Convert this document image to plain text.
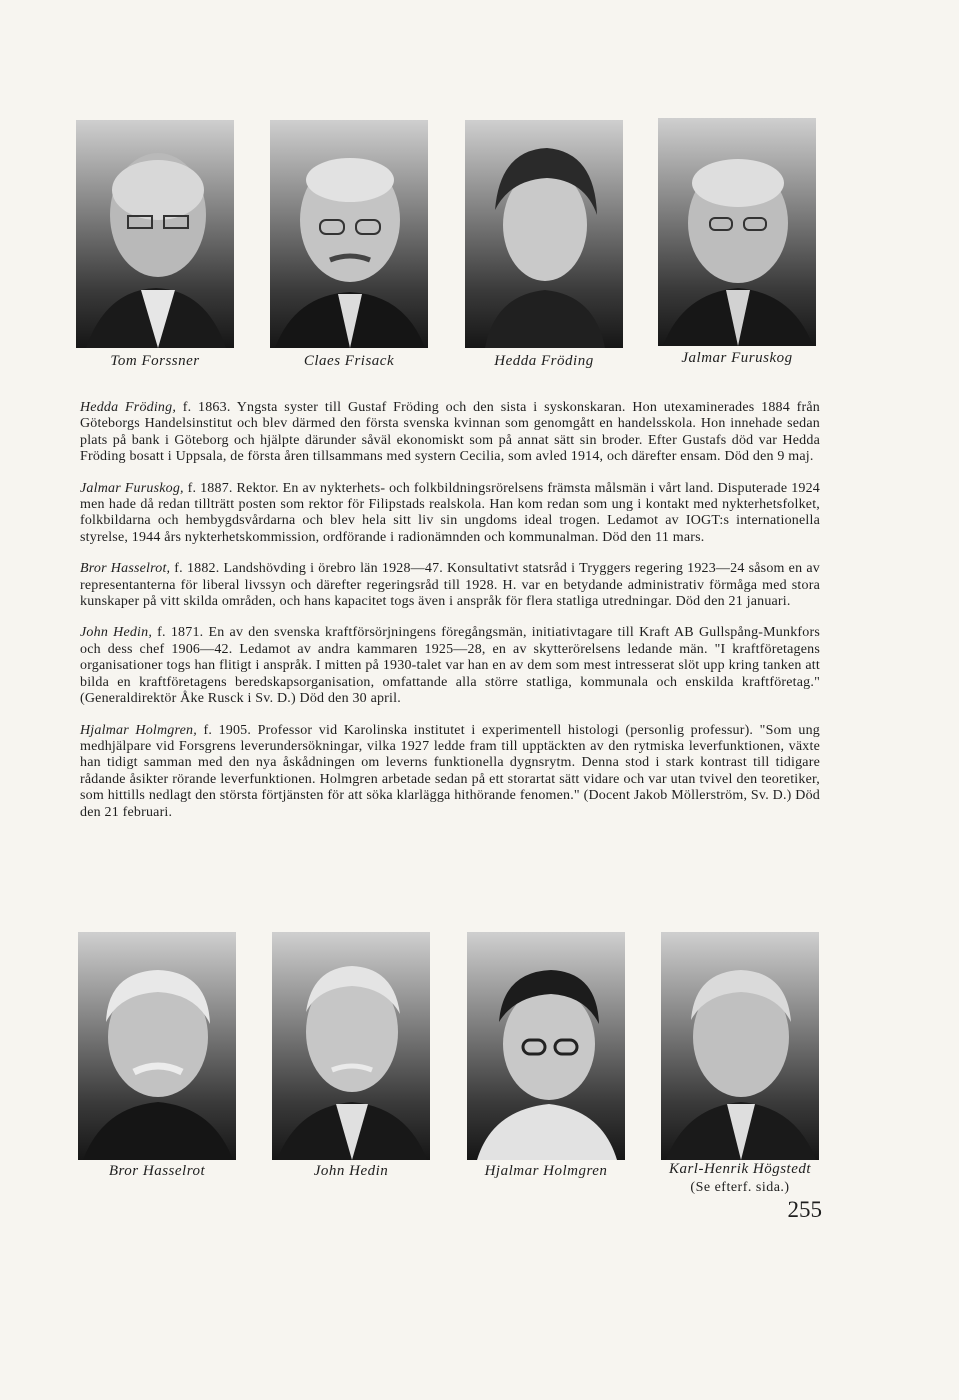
Tom Forssner	Claes Frisack	Hedda Fröding	Jalmar Furuskog

Hedda Fröding, f. 1863. Yngsta syster till Gustaf Fröding och den sista i syskonskaran. Hon utexaminerades 1884 från Göteborgs Handelsinstitut och blev därmed den första svenska kvinnan som genomgått en handelsskola. Hon innehade sedan plats på bank i Göteborg och hjälpte därunder såväl ekonomiskt som på annat sätt sin broder. Efter Gustafs död var Hedda Fröding bosatt i Uppsala, de första åren tillsammans med systern Cecilia, som avled 1914, och därefter ensam. Död den 9 maj.

Jalmar Furuskog, f. 1887. Rektor. En av nykterhets- och folkbildningsrörelsens främsta målsmän i vårt land. Disputerade 1924 men hade då redan tillträtt posten som rektor för Filipstads realskola. Han kom redan som ung i kontakt med nykterhetsfolket, folkbildarna och hembygdsvårdarna och blev hela sitt liv sin ungdoms ideal trogen. Ledamot av IOGT:s internationella styrelse, 1944 års nykterhetskommission, ordförande i radionämnden och kommunalman. Död den 11 mars.

Bror Hasselrot, f. 1882. Landshövding i örebro län 1928—47. Konsultativt statsråd i Tryggers regering 1923—24 såsom en av representanterna för liberal livssyn och därefter regeringsråd till 1928. H. var en betydande administrativ förmåga med stora kunskaper på vitt skilda områden, och hans kapacitet togs även i anspråk för flera statliga utredningar. Död den 21 januari.

John Hedin, f. 1871. En av den svenska kraftförsörjningens föregångsmän, initiativtagare till Kraft AB Gullspång-Munkfors och dess chef 1906—42. Ledamot av andra kammaren 1925—28, en av skytterörelsens ledande män. "I kraftföretagens organisationer togs han flitigt i anspråk. I mitten på 1930-talet var han en av dem som mest intresserat slöt upp kring tanken att bilda en kraftföretagens beredskapsorganisation, omfattande alla större statliga, kommunala och enskilda kraftföretag." (Generaldirektör Åke Rusck i Sv. D.) Död den 30 april.

Hjalmar Holmgren, f. 1905. Professor vid Karolinska institutet i experimentell histologi (personlig professur). "Som ung medhjälpare vid Forsgrens leverundersökningar, vilka 1927 ledde fram till upptäckten av den rytmiska leverfunktionen, växte han tidigt samman med den nya åskådningen om leverns funktionella dygnsrytm. Denna stod i stark kontrast till tidigare rådande åsikter rörande leverfunktionen. Holmgren arbetade sedan på ett storartat sätt vidare och var utan tvivel den teoretiker, som hittills nedlagt den största förtjänsten för att söka klarlägga hithörande fenomen." (Docent Jakob Möllerström, Sv. D.) Död den 21 februari.

Bror Hasselrot	John Hedin	Hjalmar Holmgren	Karl-Henrik Högstedt
(Se efterf. sida.)
255
